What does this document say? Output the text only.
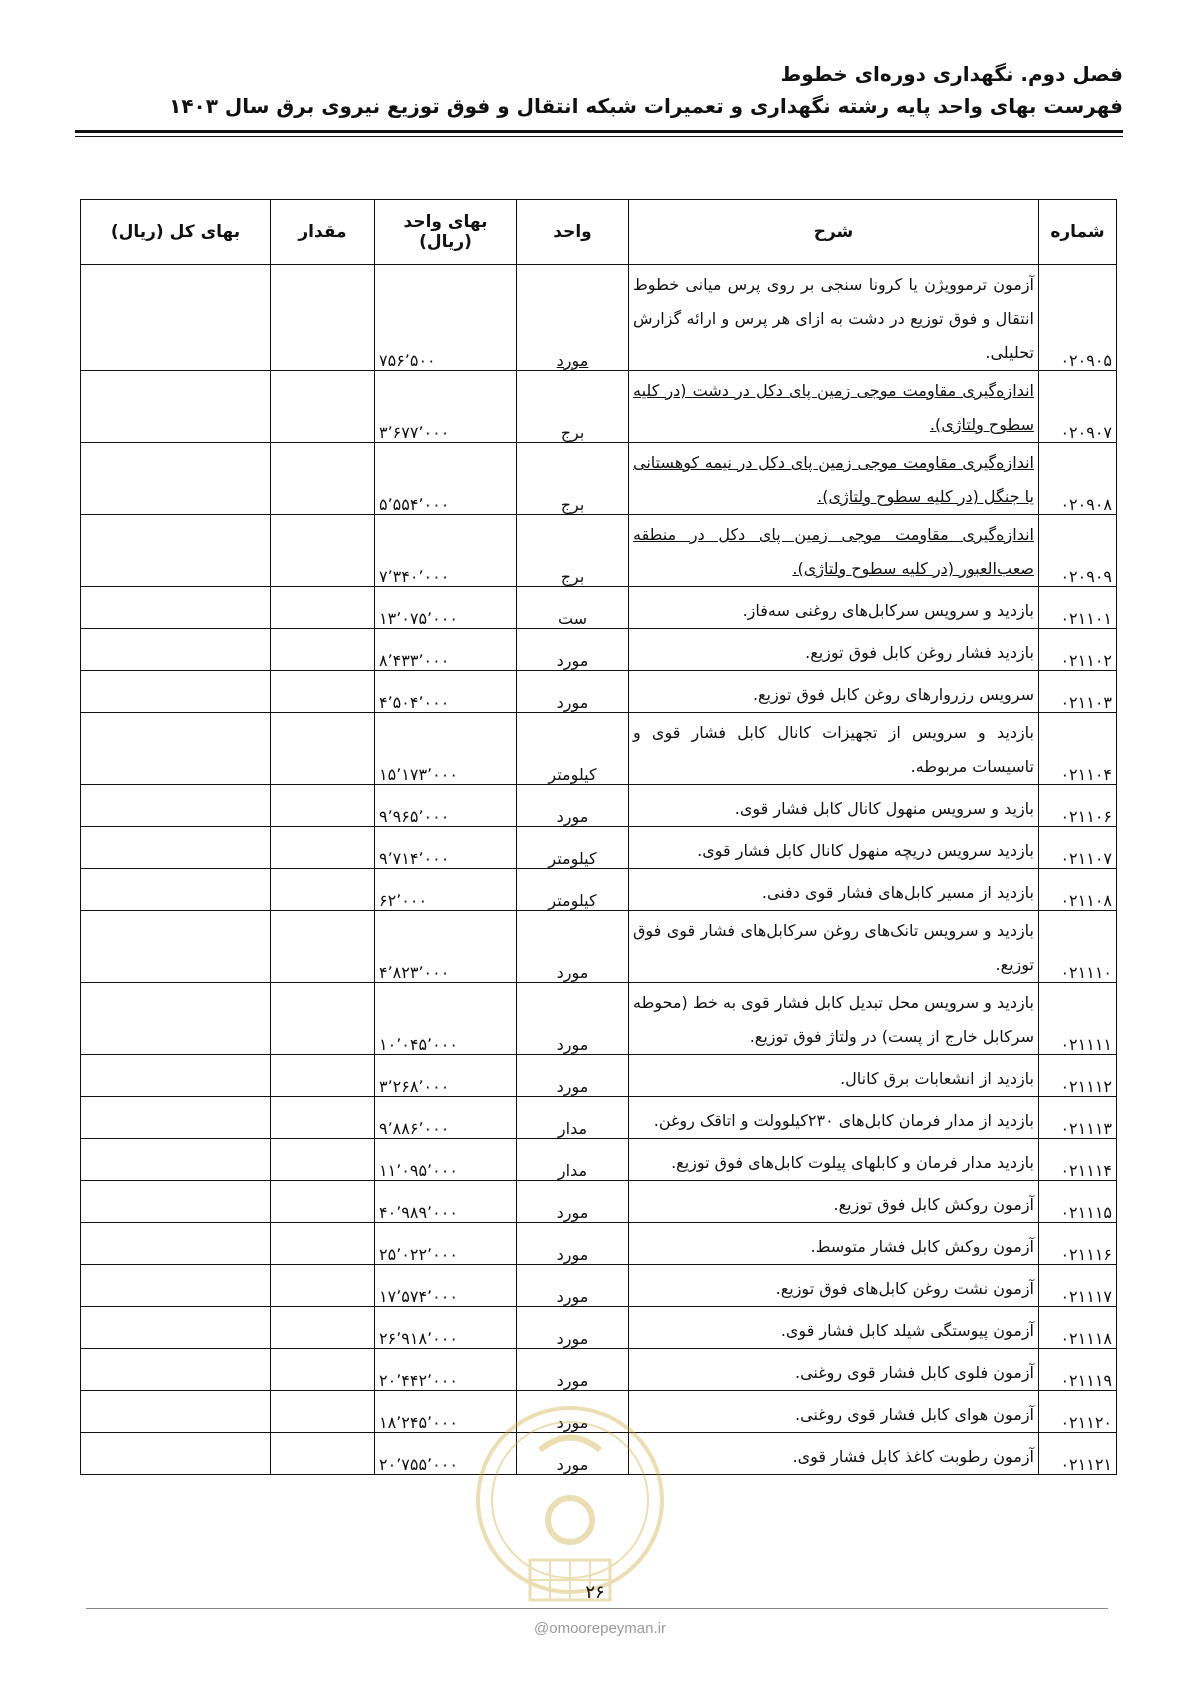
فصل دوم. نگهداری دوره‌ای خطوط
فهرست بهای واحد پایه رشته نگهداری و تعمیرات شبکه انتقال و فوق توزیع نیروی برق سال ۱۴۰۳
شماره	شرح	واحد	بهای واحد (ریال)	مقدار	بهای کل (ریال)
۰۲۰۹۰۵	آزمون ترموویژن یا کرونا سنجی بر روی پرس میانی خطوط انتقال و فوق توزیع در دشت به ازای هر پرس و ارائه گزارش تحلیلی.	مورد	۷۵۶٬۵۰۰		
۰۲۰۹۰۷	اندازه‌گیری مقاومت موجی زمین پای دکل در دشت (در کلیه سطوح ولتاژی).	برج	۳٬۶۷۷٬۰۰۰		
۰۲۰۹۰۸	اندازه‌گیری مقاومت موجی زمین پای دکل در نیمه کوهستانی یا جنگل (در کلیه سطوح ولتاژی).	برج	۵٬۵۵۴٬۰۰۰		
۰۲۰۹۰۹	اندازه‌گیری مقاومت موجی زمین پای دکل در منطقه صعب‌العبور (در کلیه سطوح ولتاژی).	برج	۷٬۳۴۰٬۰۰۰		
۰۲۱۱۰۱	بازدید و سرویس سرکابل‌های روغنی سه‌فاز.	ست	۱۳٬۰۷۵٬۰۰۰		
۰۲۱۱۰۲	بازدید فشار روغن کابل فوق توزیع.	مورد	۸٬۴۳۳٬۰۰۰		
۰۲۱۱۰۳	سرویس رزروارهای روغن کابل فوق توزیع.	مورد	۴٬۵۰۴٬۰۰۰		
۰۲۱۱۰۴	بازدید و سرویس از تجهیزات کانال کابل فشار قوی و تاسیسات مربوطه.	کیلومتر	۱۵٬۱۷۳٬۰۰۰		
۰۲۱۱۰۶	بازید و سرویس منهول کانال کابل فشار قوی.	مورد	۹٬۹۶۵٬۰۰۰		
۰۲۱۱۰۷	بازدید سرویس دریچه منهول کانال کابل فشار قوی.	کیلومتر	۹٬۷۱۴٬۰۰۰		
۰۲۱۱۰۸	بازدید از مسیر کابل‌های فشار قوی دفنی.	کیلومتر	۶۲٬۰۰۰		
۰۲۱۱۱۰	بازدید و سرویس تانک‌های روغن سرکابل‌های فشار قوی فوق توزیع.	مورد	۴٬۸۲۳٬۰۰۰		
۰۲۱۱۱۱	بازدید و سرویس محل تبدیل کابل فشار قوی به خط (محوطه سرکابل خارج از پست) در ولتاژ فوق توزیع.	مورد	۱۰٬۰۴۵٬۰۰۰		
۰۲۱۱۱۲	بازدید از انشعابات برق کانال.	مورد	۳٬۲۶۸٬۰۰۰		
۰۲۱۱۱۳	بازدید از مدار فرمان کابل‌های ۲۳۰کیلوولت و اتاقک روغن.	مدار	۹٬۸۸۶٬۰۰۰		
۰۲۱۱۱۴	بازدید مدار فرمان و کابلهای پیلوت کابل‌های فوق توزیع.	مدار	۱۱٬۰۹۵٬۰۰۰		
۰۲۱۱۱۵	آزمون روکش کابل فوق توزیع.	مورد	۴۰٬۹۸۹٬۰۰۰		
۰۲۱۱۱۶	آزمون روکش کابل فشار متوسط.	مورد	۲۵٬۰۲۲٬۰۰۰		
۰۲۱۱۱۷	آزمون نشت روغن کابل‌های فوق توزیع.	مورد	۱۷٬۵۷۴٬۰۰۰		
۰۲۱۱۱۸	آزمون پیوستگی شیلد کابل فشار قوی.	مورد	۲۶٬۹۱۸٬۰۰۰		
۰۲۱۱۱۹	آزمون فلوی کابل فشار قوی روغنی.	مورد	۲۰٬۴۴۲٬۰۰۰		
۰۲۱۱۲۰	آزمون هوای کابل فشار قوی روغنی.	مورد	۱۸٬۲۴۵٬۰۰۰		
۰۲۱۱۲۱	آزمون رطوبت کاغذ کابل فشار قوی.	مورد	۲۰٬۷۵۵٬۰۰۰		
۲۶
@omoorepeyman.ir
